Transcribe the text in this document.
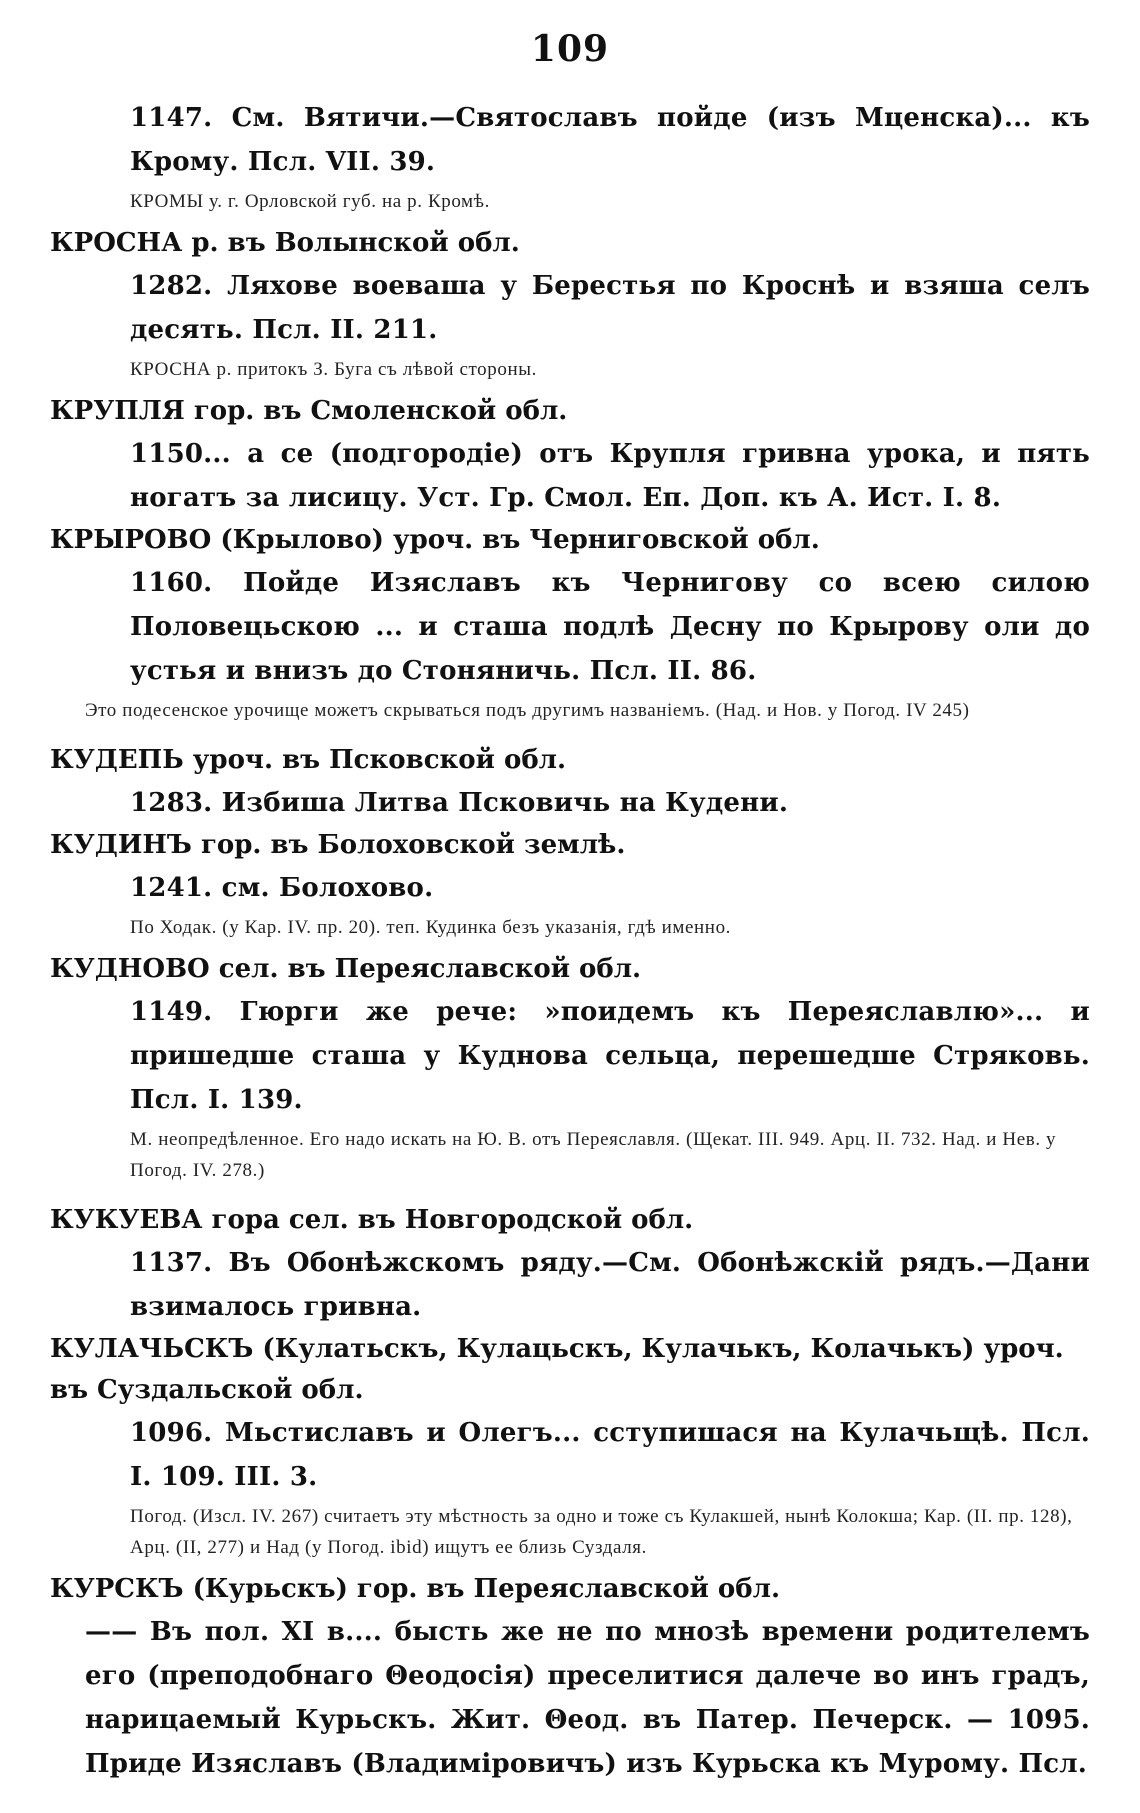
109

1147. См. Вятичи.—Святославъ пойде (изъ Мценска)... къ Крому. Псл. VII. 39.

КРОМЫ у. г. Орловской губ. на р. Кромѣ.

КРОСНА р. въ Волынской обл.

1282. Ляхове воеваша у Берестья по Кроснѣ и взяша селъ десять. Псл. II. 211.

КРОСНА р. притокъ З. Буга съ лѣвой стороны.

КРУПЛЯ гор. въ Смоленской обл.

1150... а се (подгородіе) отъ Крупля гривна урока, и пять ногатъ за лисицу. Уст. Гр. Смол. Еп. Доп. къ А. Ист. I. 8.

КРЫРОВО (Крылово) уроч. въ Черниговской обл.

1160. Пойде Изяславъ къ Чернигову со всею силою Половецьскою ... и сташа подлѣ Десну по Крырову оли до устья и внизъ до Стоняничь. Псл. II. 86.

Это подесенское урочище можетъ скрываться подъ другимъ названіемъ. (Над. и Нов. у Погод. IV 245)

КУДЕПЬ уроч. въ Псковской обл.

1283. Избиша Литва Псковичь на Кудени.

КУДИНЪ гор. въ Болоховской землѣ.

1241. см. Болохово.

По Ходак. (у Кар. IV. пр. 20). теп. Кудинка безъ указанія, гдѣ именно.

КУДНОВО сел. въ Переяславской обл.

1149. Гюрги же рече: »поидемъ къ Переяславлю»... и пришедше сташа у Куднова сельца, перешедше Стряковь. Псл. I. 139.

М. неопредѣленное. Его надо искать на Ю. В. отъ Переяславля. (Щекат. III. 949. Арц. II. 732. Над. и Нев. у Погод. IV. 278.)

КУКУЕВА гора сел. въ Новгородской обл.

1137. Въ Обонѣжскомъ ряду.—См. Обонѣжскій рядъ.—Дани взималось гривна.

КУЛАЧЬСКЪ (Кулатьскъ, Кулацьскъ, Кулачькъ, Колачькъ) уроч. въ Суздальской обл.

1096. Мьстиславъ и Олегъ... сступишася на Кулачьщѣ. Псл. I. 109. III. 3.

Погод. (Изсл. IV. 267) считаетъ эту мѣстность за одно и тоже съ Кулакшей, нынѣ Колокша; Кар. (II. пр. 128), Арц. (II, 277) и Над (у Погод. ibid) ищутъ ее близь Суздаля.

КУРСКЪ (Курьскъ) гор. въ Переяславской обл.

—— Въ пол. XI в.... бысть же не по мнозѣ времени родителемъ его (преподобнаго Θеодосія) преселитися далече во инъ градъ, нарицаемый Курьскъ. Жит. Θеод. въ Патер. Печерск. — 1095. Приде Изяславъ (Владиміровичъ) изъ Курьска къ Мурому. Псл.
